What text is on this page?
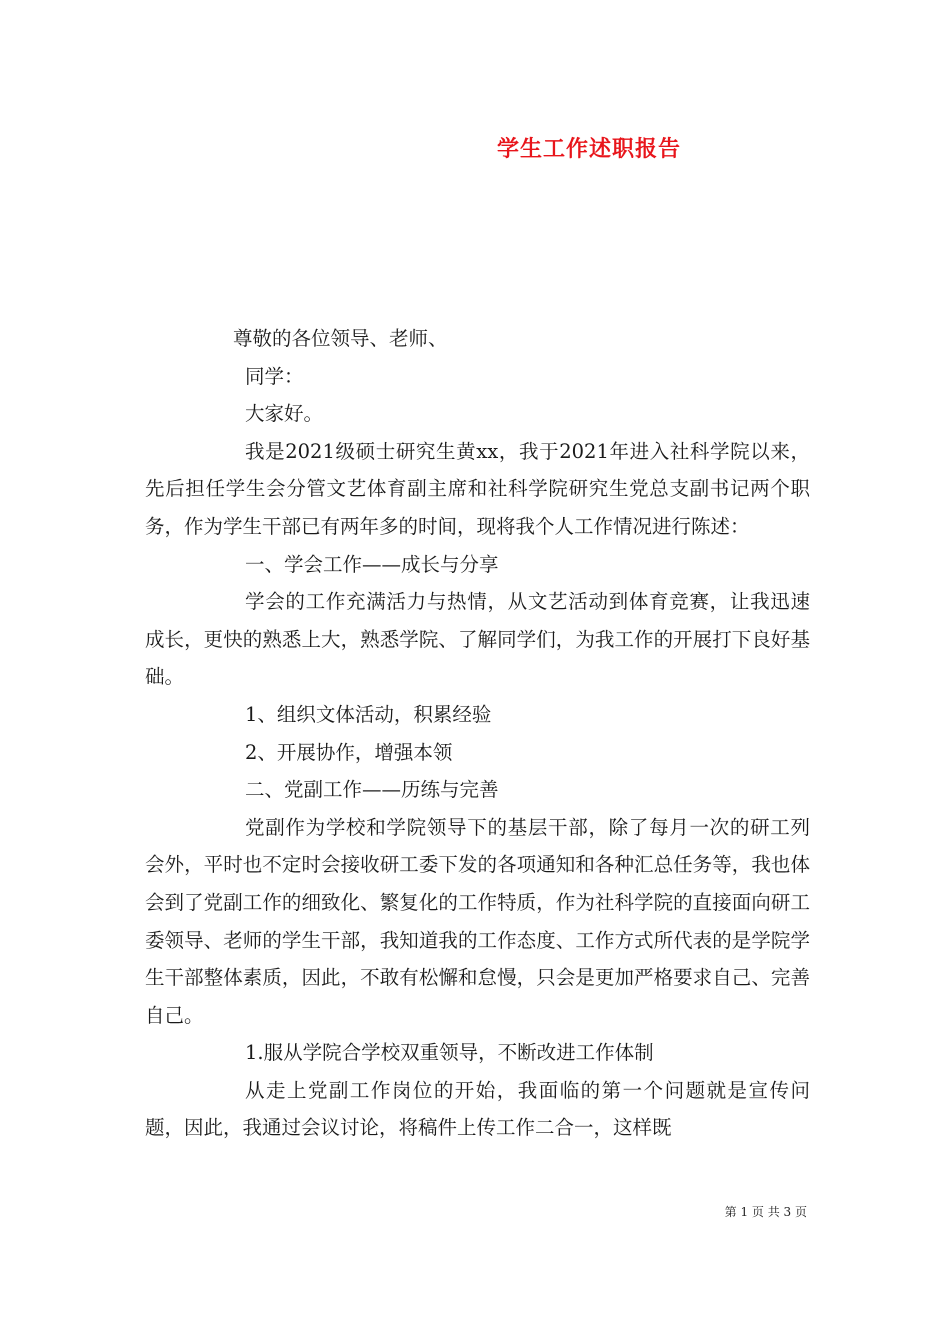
学生工作述职报告

尊敬的各位领导、老师、

同学：

大家好。

我是2021级硕士研究生黄xx，我于2021年进入社科学院以来，先后担任学生会分管文艺体育副主席和社科学院研究生党总支副书记两个职务，作为学生干部已有两年多的时间，现将我个人工作情况进行陈述：

一、学会工作——成长与分享

学会的工作充满活力与热情，从文艺活动到体育竞赛，让我迅速成长，更快的熟悉上大，熟悉学院、了解同学们，为我工作的开展打下良好基础。

1、组织文体活动，积累经验

2、开展协作，增强本领

二、党副工作——历练与完善

党副作为学校和学院领导下的基层干部，除了每月一次的研工列会外，平时也不定时会接收研工委下发的各项通知和各种汇总任务等，我也体会到了党副工作的细致化、繁复化的工作特质，作为社科学院的直接面向研工委领导、老师的学生干部，我知道我的工作态度、工作方式所代表的是学院学生干部整体素质，因此，不敢有松懈和怠慢，只会是更加严格要求自己、完善自己。

1.服从学院合学校双重领导，不断改进工作体制

从走上党副工作岗位的开始，我面临的第一个问题就是宣传问题，因此，我通过会议讨论，将稿件上传工作二合一，这样既

第 1 页 共 3 页
